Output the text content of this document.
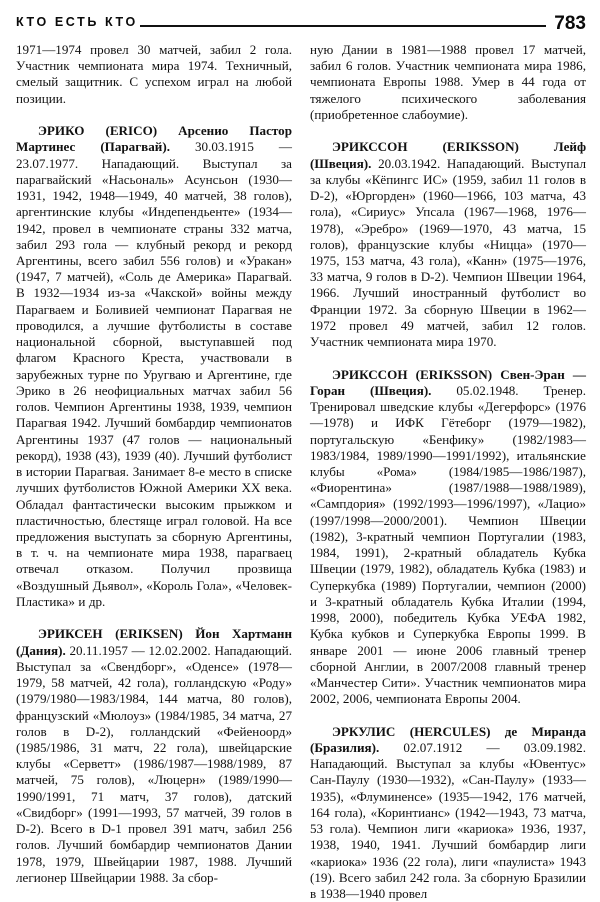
КТО ЕСТЬ КТО	783

1971—1974 провел 30 матчей, забил 2 гола. Участник чемпионата мира 1974. Техничный, смелый защитник. С успехом играл на любой позиции.

ЭРИКО (ERICO) Арсенио Пастор Мартинес (Парагвай). 30.03.1915 — 23.07.1977. Нападающий. Выступал за парагвайский «Насьональ» Асунсьон (1930—1931, 1942, 1948—1949, 40 матчей, 38 голов), аргентинские клубы «Индепендьенте» (1934—1942, провел в чемпионате страны 332 матча, забил 293 гола — клубный рекорд и рекорд Аргентины, всего забил 556 голов) и «Уракан» (1947, 7 матчей), «Соль де Америка» Парагвай. В 1932—1934 из-за «Чакской» войны между Парагваем и Боливией чемпионат Парагвая не проводился, а лучшие футболисты в составе национальной сборной, выступавшей под флагом Красного Креста, участвовали в зарубежных турне по Уругваю и Аргентине, где Эрико в 26 неофициальных матчах забил 56 голов. Чемпион Аргентины 1938, 1939, чемпион Парагвая 1942. Лучший бомбардир чемпионатов Аргентины 1937 (47 голов — национальный рекорд), 1938 (43), 1939 (40). Лучший футболист в истории Парагвая. Занимает 8-е место в списке лучших футболистов Южной Америки XX века. Обладал фантастически высоким прыжком и пластичностью, блестяще играл головой. На все предложения выступать за сборную Аргентины, в т. ч. на чемпионате мира 1938, парагваец отвечал отказом. Получил прозвища «Воздушный Дьявол», «Король Гола», «Человек-Пластика» и др.

ЭРИКСЕН (ERIKSEN) Йон Хартманн (Дания). 20.11.1957 — 12.02.2002. Нападающий. Выступал за «Свендборг», «Оденсе» (1978—1979, 58 матчей, 42 гола), голландскую «Роду» (1979/1980—1983/1984, 144 матча, 80 голов), французский «Мюлоуз» (1984/1985, 34 матча, 27 голов в D-2), голландский «Фейеноорд» (1985/1986, 31 матч, 22 гола), швейцарские клубы «Серветт» (1986/1987—1988/1989, 87 матчей, 75 голов), «Люцерн» (1989/1990—1990/1991, 71 матч, 37 голов), датский «Свидборг» (1991—1993, 57 матчей, 39 голов в D-2). Всего в D-1 провел 391 матч, забил 256 голов. Лучший бомбардир чемпионатов Дании 1978, 1979, Швейцарии 1987, 1988. Лучший легионер Швейцарии 1988. За сбор-

ную Дании в 1981—1988 провел 17 матчей, забил 6 голов. Участник чемпионата мира 1986, чемпионата Европы 1988. Умер в 44 года от тяжелого психического заболевания (приобретенное слабоумие).

ЭРИКССОН (ERIKSSON) Лейф (Швеция). 20.03.1942. Нападающий. Выступал за клубы «Кёпингс ИС» (1959, забил 11 голов в D-2), «Юргорден» (1960—1966, 103 матча, 43 гола), «Сириус» Упсала (1967—1968, 1976—1978), «Эребро» (1969—1970, 43 матча, 15 голов), французские клубы «Ницца» (1970—1975, 153 матча, 43 гола), «Канн» (1975—1976, 33 матча, 9 голов в D-2). Чемпион Швеции 1964, 1966. Лучший иностранный футболист во Франции 1972. За сборную Швеции в 1962—1972 провел 49 матчей, забил 12 голов. Участник чемпионата мира 1970.

ЭРИКССОН (ERIKSSON) Свен-Эран — Горан (Швеция). 05.02.1948. Тренер. Тренировал шведские клубы «Дегерфорс» (1976—1978) и ИФК Гётеборг (1979—1982), португальскую «Бенфику» (1982/1983—1983/1984, 1989/1990—1991/1992), итальянские клубы «Рома» (1984/1985—1986/1987), «Фиорентина» (1987/1988—1988/1989), «Сампдория» (1992/1993—1996/1997), «Лацио» (1997/1998—2000/2001). Чемпион Швеции (1982), 3-кратный чемпион Португалии (1983, 1984, 1991), 2-кратный обладатель Кубка Швеции (1979, 1982), обладатель Кубка (1983) и Суперкубка (1989) Португалии, чемпион (2000) и 3-кратный обладатель Кубка Италии (1994, 1998, 2000), победитель Кубка УЕФА 1982, Кубка кубков и Суперкубка Европы 1999. В январе 2001 — июне 2006 главный тренер сборной Англии, в 2007/2008 главный тренер «Манчестер Сити». Участник чемпионатов мира 2002, 2006, чемпионата Европы 2004.

ЭРКУЛИС (HERCULES) де Миранда (Бразилия). 02.07.1912 — 03.09.1982. Нападающий. Выступал за клубы «Ювентус» Сан-Паулу (1930—1932), «Сан-Паулу» (1933—1935), «Флуминенсе» (1935—1942, 176 матчей, 164 гола), «Коринтианс» (1942—1943, 73 матча, 53 гола). Чемпион лиги «кариока» 1936, 1937, 1938, 1940, 1941. Лучший бомбардир лиги «кариока» 1936 (22 гола), лиги «паулиста» 1943 (19). Всего забил 242 гола. За сборную Бразилии в 1938—1940 провел
